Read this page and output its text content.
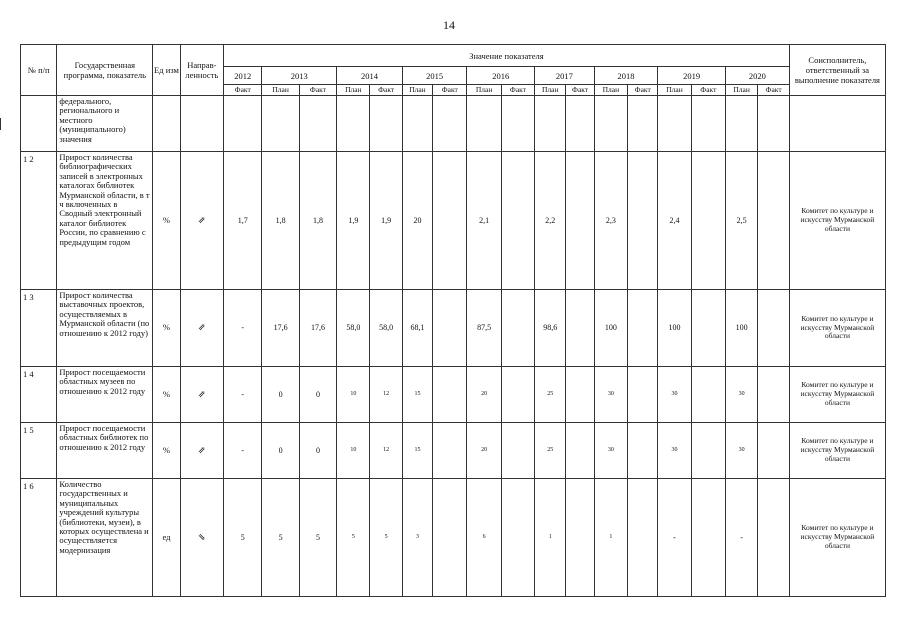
14
№ п/п	Государственная программа, показатель	Ед изм	Направ-ленность	Значение показателя																	Соисполнитель, ответственный за выполнение показателя
				2012	2013		2014		2015		2016		2017		2018		2019		2020		
				Факт	План	Факт	План	Факт	План	Факт	План	Факт	План	Факт	План	Факт	План	Факт	План	Факт	
	федерального, регионального и местного (муниципального) значения																				
1 2	Прирост количества библиографических записей в электронных каталогах библиотек Мурманской области, в т ч включенных в Сводный электронный каталог библиотек России, по сравнению с предыдущим годом	%	⇗	1,7	1,8	1,8	1,9	1,9	20		2,1		2,2		2,3		2,4		2,5		Комитет по культуре и искусству Мурманской области
1 3	Прирост количества выставочных проектов, осуществляемых в Мурманской области (по отношению к 2012 году)	%	⇗	-	17,6	17,6	58,0	58,0	68,1		87,5		98,6		100		100		100		Комитет по культуре и искусству Мурманской области
1 4	Прирост посещаемости областных музеев по отношению к 2012 году	%	⇗	-	0	0	10	12	15		20		25		30		30		30		Комитет по культуре и искусству Мурманской области
1 5	Прирост посещаемости областных библиотек по отношению к 2012 году	%	⇗	-	0	0	10	12	15		20		25		30		30		30		Комитет по культуре и искусству Мурманской области
1 6	Количество государственных и муниципальных учреждений культуры (библиотеки, музеи), в которых осуществлена и осуществляется модернизация	ед	⇘	5	5	5	5	5	3		6		1		1		-		-		Комитет по культуре и искусству Мурманской области
